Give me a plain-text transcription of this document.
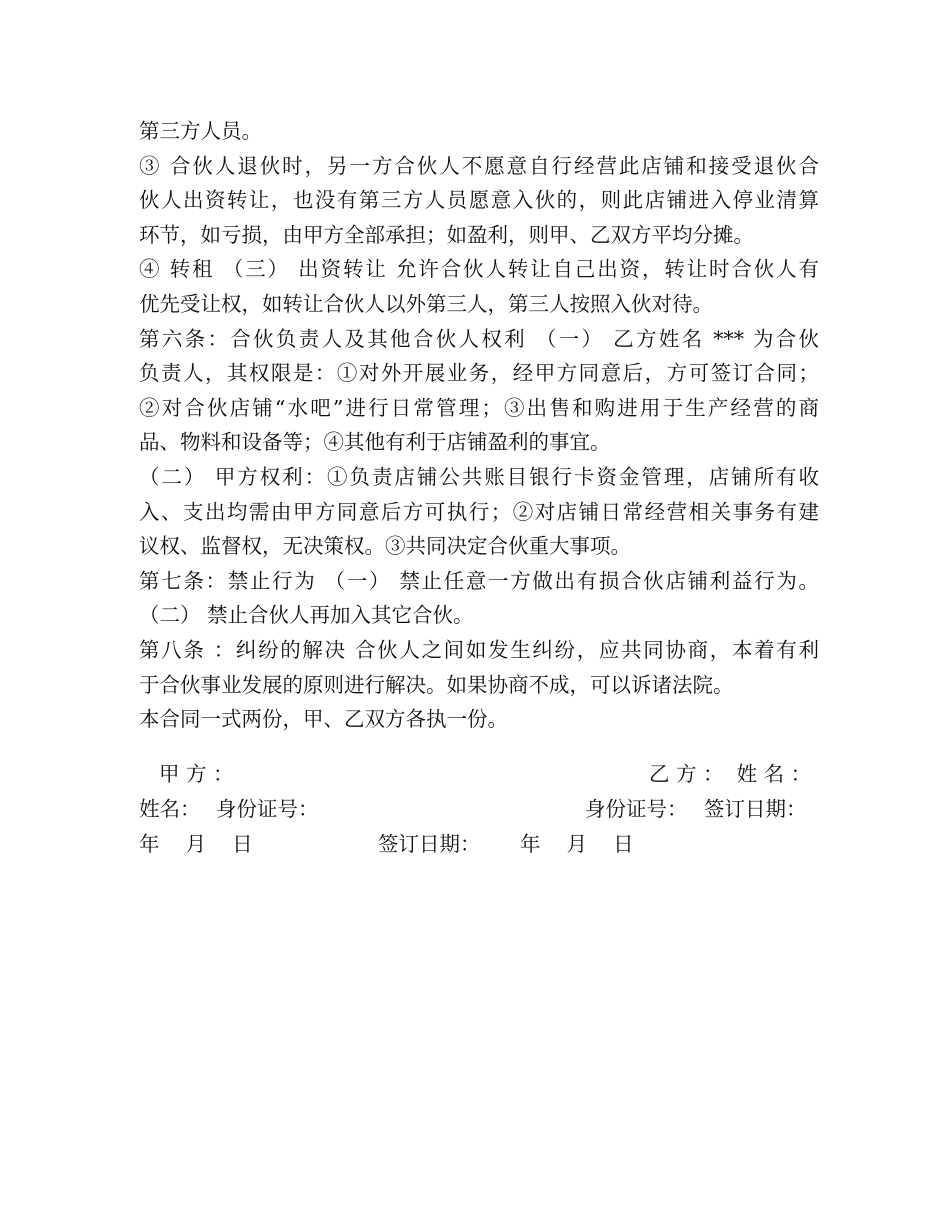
第三方人员。
③ 合伙人退伙时，另一方合伙人不愿意自行经营此店铺和接受退伙合
伙人出资转让，也没有第三方人员愿意入伙的，则此店铺进入停业清算
环节，如亏损，由甲方全部承担；如盈利，则甲、乙双方平均分摊。
④ 转租 （三） 出资转让 允许合伙人转让自己出资，转让时合伙人有
优先受让权，如转让合伙人以外第三人，第三人按照入伙对待。
第六条：合伙负责人及其他合伙人权利 （一） 乙方姓名 *** 为合伙
负责人，其权限是：①对外开展业务，经甲方同意后，方可签订合同；
②对合伙店铺“水吧”进行日常管理；③出售和购进用于生产经营的商
品、物料和设备等；④其他有利于店铺盈利的事宜。
（二） 甲方权利：①负责店铺公共账目银行卡资金管理，店铺所有收
入、支出均需由甲方同意后方可执行；②对店铺日常经营相关事务有建
议权、监督权，无决策权。③共同决定合伙重大事项。
第七条：禁止行为 （一） 禁止任意一方做出有损合伙店铺利益行为。
（二） 禁止合伙人再加入其它合伙。
第八条 ：纠纷的解决 合伙人之间如发生纠纷，应共同协商，本着有利
于合伙事业发展的原则进行解决。如果协商不成，可以诉诸法院。
本合同一式两份，甲、乙双方各执一份。

甲 方 ：

	乙 方 ：  姓 名 ：

姓名：

身份证号：

	身份证号：

签订日期：

年    月    日

	签订日期：

年    月    日
